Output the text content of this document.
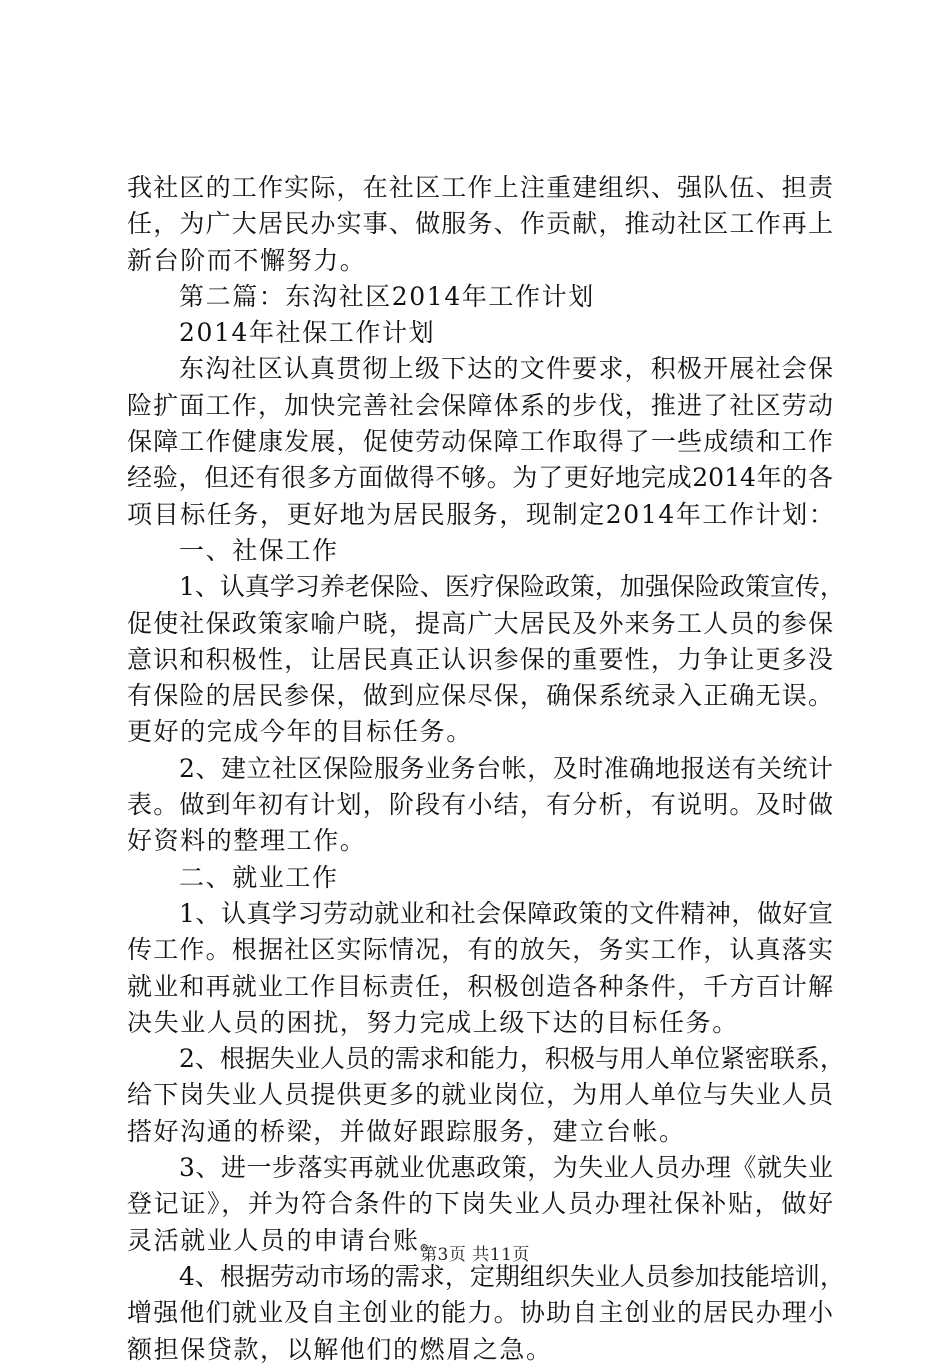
我社区的工作实际，在社区工作上注重建组织、强队伍、担责
任，为广大居民办实事、做服务、作贡献，推动社区工作再上
新台阶而不懈努力。
第二篇：东沟社区2014年工作计划
2014年社保工作计划
东沟社区认真贯彻上级下达的文件要求，积极开展社会保
险扩面工作，加快完善社会保障体系的步伐，推进了社区劳动
保障工作健康发展，促使劳动保障工作取得了一些成绩和工作
经验，但还有很多方面做得不够。为了更好地完成2014年的各
项目标任务，更好地为居民服务，现制定2014年工作计划：
一、社保工作
1、认真学习养老保险、医疗保险政策，加强保险政策宣传，
促使社保政策家喻户晓，提高广大居民及外来务工人员的参保
意识和积极性，让居民真正认识参保的重要性，力争让更多没
有保险的居民参保，做到应保尽保，确保系统录入正确无误。
更好的完成今年的目标任务。
2、建立社区保险服务业务台帐，及时准确地报送有关统计
表。做到年初有计划，阶段有小结，有分析，有说明。及时做
好资料的整理工作。
二、就业工作
1、认真学习劳动就业和社会保障政策的文件精神，做好宣
传工作。根据社区实际情况，有的放矢，务实工作，认真落实
就业和再就业工作目标责任，积极创造各种条件，千方百计解
决失业人员的困扰，努力完成上级下达的目标任务。
2、根据失业人员的需求和能力，积极与用人单位紧密联系，
给下岗失业人员提供更多的就业岗位，为用人单位与失业人员
搭好沟通的桥梁，并做好跟踪服务，建立台帐。
3、进一步落实再就业优惠政策，为失业人员办理《就失业
登记证》，并为符合条件的下岗失业人员办理社保补贴，做好
灵活就业人员的申请台账。
4、根据劳动市场的需求，定期组织失业人员参加技能培训，
增强他们就业及自主创业的能力。协助自主创业的居民办理小
额担保贷款，以解他们的燃眉之急。
第3页 共11页
